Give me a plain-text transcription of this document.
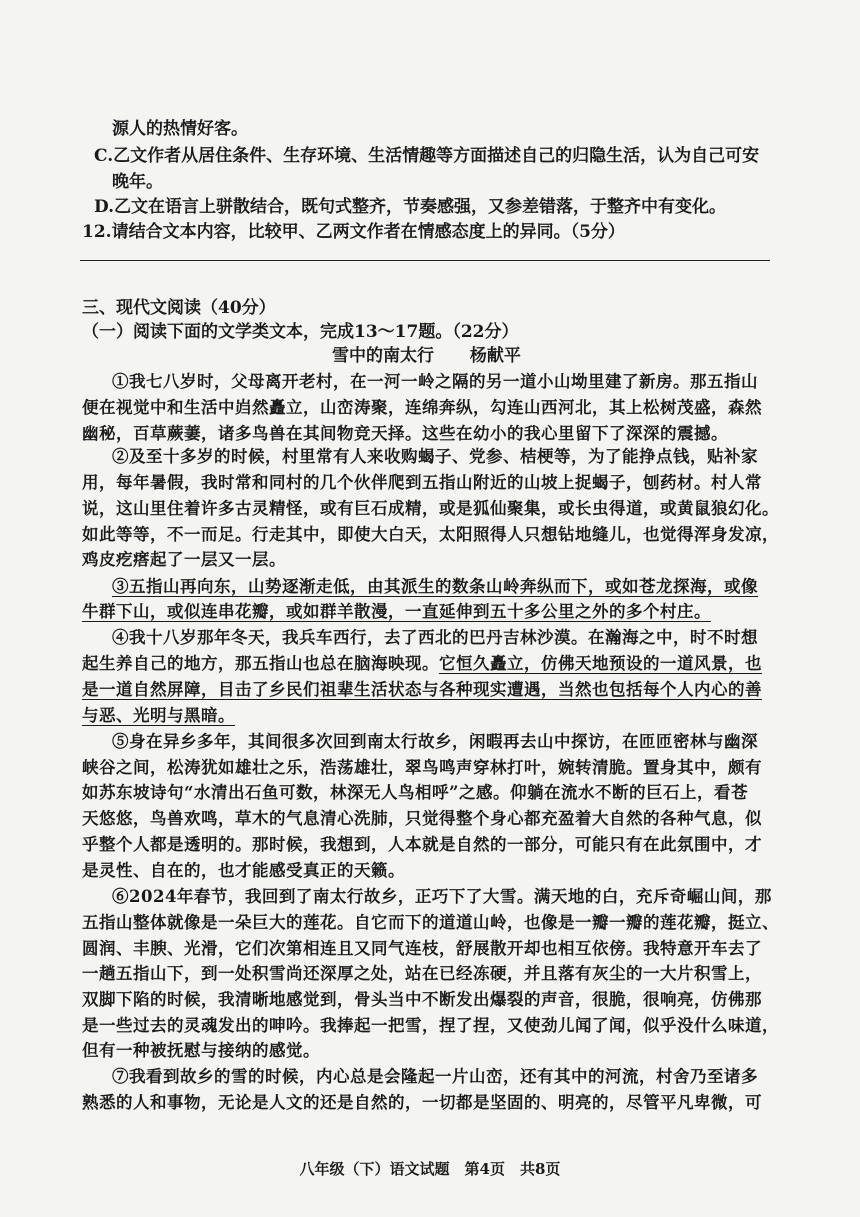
源人的热情好客。
C.乙文作者从居住条件、生存环境、生活情趣等方面描述自己的归隐生活，认为自己可安
晚年。
D.乙文在语言上骈散结合，既句式整齐，节奏感强，又参差错落，于整齐中有变化。
12.请结合文本内容，比较甲、乙两文作者在情感态度上的异同。（5分）
三、现代文阅读（40分）
（一）阅读下面的文学类文本，完成13～17题。（22分）
雪中的南太行 杨献平
①我七八岁时，父母离开老村，在一河一岭之隔的另一道小山坳里建了新房。那五指山
便在视觉中和生活中岿然矗立，山峦涛聚，连绵奔纵，勾连山西河北，其上松树茂盛，森然
幽秘，百草蕨萋，诸多鸟兽在其间物竞天择。这些在幼小的我心里留下了深深的震撼。
②及至十多岁的时候，村里常有人来收购蝎子、党参、桔梗等，为了能挣点钱，贴补家
用，每年暑假，我时常和同村的几个伙伴爬到五指山附近的山坡上捉蝎子，刨药材。村人常
说，这山里住着许多古灵精怪，或有巨石成精，或是狐仙聚集，或长虫得道，或黄鼠狼幻化。
如此等等，不一而足。行走其中，即使大白天，太阳照得人只想钻地缝儿，也觉得浑身发凉，
鸡皮疙瘩起了一层又一层。
③五指山再向东，山势逐渐走低，由其派生的数条山岭奔纵而下，或如苍龙探海，或像
牛群下山，或似连串花瓣，或如群羊散漫，一直延伸到五十多公里之外的多个村庄。
④我十八岁那年冬天，我兵车西行，去了西北的巴丹吉林沙漠。在瀚海之中，时不时想
起生养自己的地方，那五指山也总在脑海映现。它恒久矗立，仿佛天地预设的一道风景，也
是一道自然屏障，目击了乡民们祖辈生活状态与各种现实遭遇，当然也包括每个人内心的善
与恶、光明与黑暗。
⑤身在异乡多年，其间很多次回到南太行故乡，闲暇再去山中探访，在匝匝密林与幽深
峡谷之间，松涛犹如雄壮之乐，浩荡雄壮，翠鸟鸣声穿林打叶，婉转清脆。置身其中，颇有
如苏东坡诗句“水清出石鱼可数，林深无人鸟相呼”之感。仰躺在流水不断的巨石上，看苍
天悠悠，鸟兽欢鸣，草木的气息清心洗肺，只觉得整个身心都充盈着大自然的各种气息，似
乎整个人都是透明的。那时候，我想到，人本就是自然的一部分，可能只有在此氛围中，才
是灵性、自在的，也才能感受真正的天籁。
⑥2024年春节，我回到了南太行故乡，正巧下了大雪。满天地的白，充斥奇崛山间，那
五指山整体就像是一朵巨大的莲花。自它而下的道道山岭，也像是一瓣一瓣的莲花瓣，挺立、
圆润、丰腴、光滑，它们次第相连且又同气连枝，舒展散开却也相互依傍。我特意开车去了
一趟五指山下，到一处积雪尚还深厚之处，站在已经冻硬，并且落有灰尘的一大片积雪上，
双脚下陷的时候，我清晰地感觉到，骨头当中不断发出爆裂的声音，很脆，很响亮，仿佛那
是一些过去的灵魂发出的呻吟。我捧起一把雪，捏了捏，又使劲儿闻了闻，似乎没什么味道，
但有一种被抚慰与接纳的感觉。
⑦我看到故乡的雪的时候，内心总是会隆起一片山峦，还有其中的河流，村舍乃至诸多
熟悉的人和事物，无论是人文的还是自然的，一切都是坚固的、明亮的，尽管平凡卑微，可
八年级（下）语文试题　第4页　共8页
